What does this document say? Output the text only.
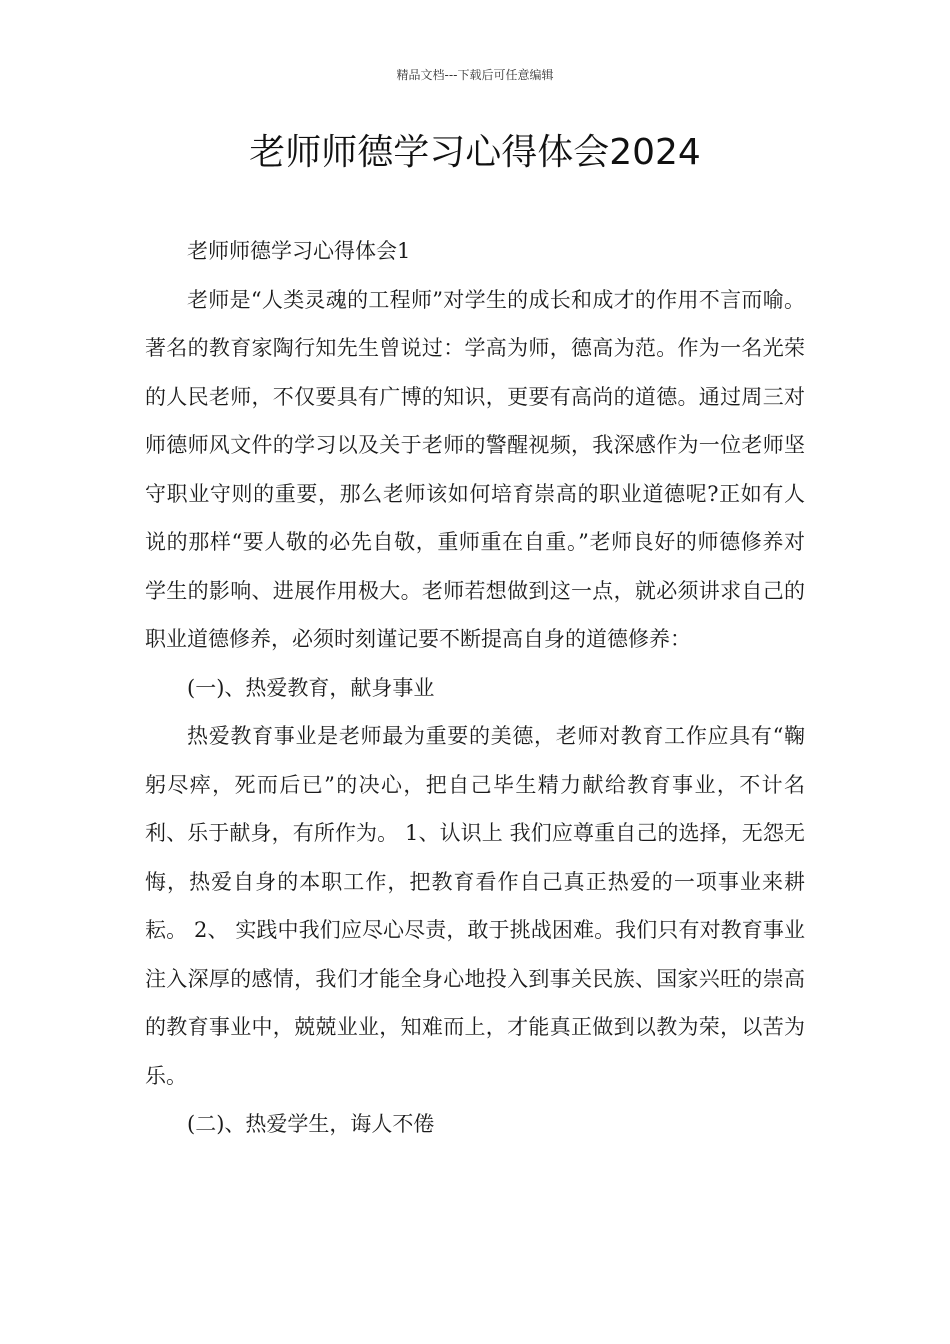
精品文档---下载后可任意编辑
老师师德学习心得体会2024

老师师德学习心得体会1

老师是“人类灵魂的工程师”对学生的成长和成才的作用不言而喻。著名的教育家陶行知先生曾说过：学高为师，德高为范。作为一名光荣的人民老师，不仅要具有广博的知识，更要有高尚的道德。通过周三对师德师风文件的学习以及关于老师的警醒视频，我深感作为一位老师坚守职业守则的重要，那么老师该如何培育崇高的职业道德呢?正如有人说的那样“要人敬的必先自敬，重师重在自重。”老师良好的师德修养对学生的影响、进展作用极大。老师若想做到这一点，就必须讲求自己的职业道德修养，必须时刻谨记要不断提高自身的道德修养：

(一)、热爱教育，献身事业

热爱教育事业是老师最为重要的美德，老师对教育工作应具有“鞠躬尽瘁，死而后已”的决心，把自己毕生精力献给教育事业，不计名利、乐于献身，有所作为。 1、认识上 我们应尊重自己的选择，无怨无悔，热爱自身的本职工作，把教育看作自己真正热爱的一项事业来耕耘。 2、 实践中我们应尽心尽责，敢于挑战困难。我们只有对教育事业注入深厚的感情，我们才能全身心地投入到事关民族、国家兴旺的崇高的教育事业中，兢兢业业，知难而上，才能真正做到以教为荣，以苦为乐。

(二)、热爱学生，诲人不倦
